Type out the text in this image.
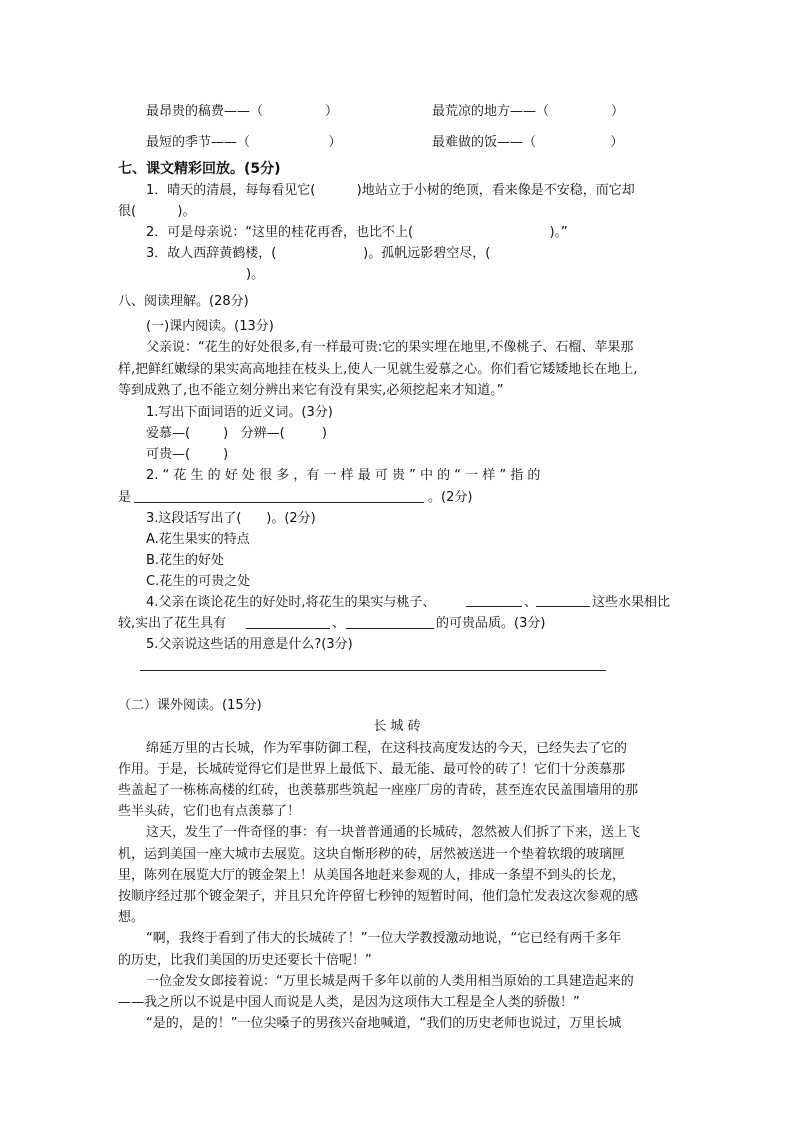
最昂贵的稿费——（               ）	最荒凉的地方——（               ）
最短的季节——（                   ）	最难做的饭——（                  ）
七、课文精彩回放。(5分)
1．晴天的清晨，每每看见它(          )地站立于小树的绝顶，看来像是不安稳，而它却
很(          )。
2．可是母亲说：“这里的桂花再香，也比不上(                                 )。”
3．故人西辞黄鹤楼，(                     )。孤帆远影碧空尽，(
)。
八、阅读理解。(28分)
(一)课内阅读。(13分)
父亲说：“花生的好处很多,有一样最可贵:它的果实埋在地里,不像桃子、石榴、苹果那
样,把鲜红嫩绿的果实高高地挂在枝头上,使人一见就生爱慕之心。你们看它矮矮地长在地上,
等到成熟了,也不能立刻分辨出来它有没有果实,必须挖起来才知道。”
1.写出下面词语的近义词。(3分)
爱慕—(        )   分辨—(         )
可贵—(        )
2. “ 花 生 的 好 处 很 多 ，有 一 样 最 可 贵 ” 中 的 “ 一 样 ” 指 的
是	。(2分)
3.这段话写出了(      )。(2分)
A.花生果实的特点
B.花生的好处
C.花生的可贵之处
4.父亲在谈论花生的好处时,将花生的果实与桃子、	、	这些水果相比
较,实出了花生具有	、	的可贵品质。(3分)
5.父亲说这些话的用意是什么?(3分)
（二）课外阅读。(15分)
长 城 砖
绵延万里的古长城，作为军事防御工程，在这科技高度发达的今天，已经失去了它的
作用。于是，长城砖觉得它们是世界上最低下、最无能、最可怜的砖了！它们十分羡慕那
些盖起了一栋栋高楼的红砖，也羡慕那些筑起一座座厂房的青砖，甚至连农民盖围墙用的那
些半头砖，它们也有点羡慕了！
这天，发生了一件奇怪的事：有一块普普通通的长城砖，忽然被人们拆了下来，送上飞
机，运到美国一座大城市去展览。这块自惭形秽的砖，居然被送进一个垫着软缎的玻璃匣
里，陈列在展览大厅的镀金架上！从美国各地赶来参观的人，排成一条望不到头的长龙，
按顺序经过那个镀金架子，并且只允许停留七秒钟的短暂时间，他们急忙发表这次参观的感
想。
“啊，我终于看到了伟大的长城砖了！”一位大学教授激动地说，“它已经有两千多年
的历史，比我们美国的历史还要长十倍呢！”
一位金发女郎接着说：“万里长城是两千多年以前的人类用相当原始的工具建造起来的
——我之所以不说是中国人而说是人类，是因为这项伟大工程是全人类的骄傲！”
“是的，是的！”一位尖嗓子的男孩兴奋地喊道，“我们的历史老师也说过，万里长城
